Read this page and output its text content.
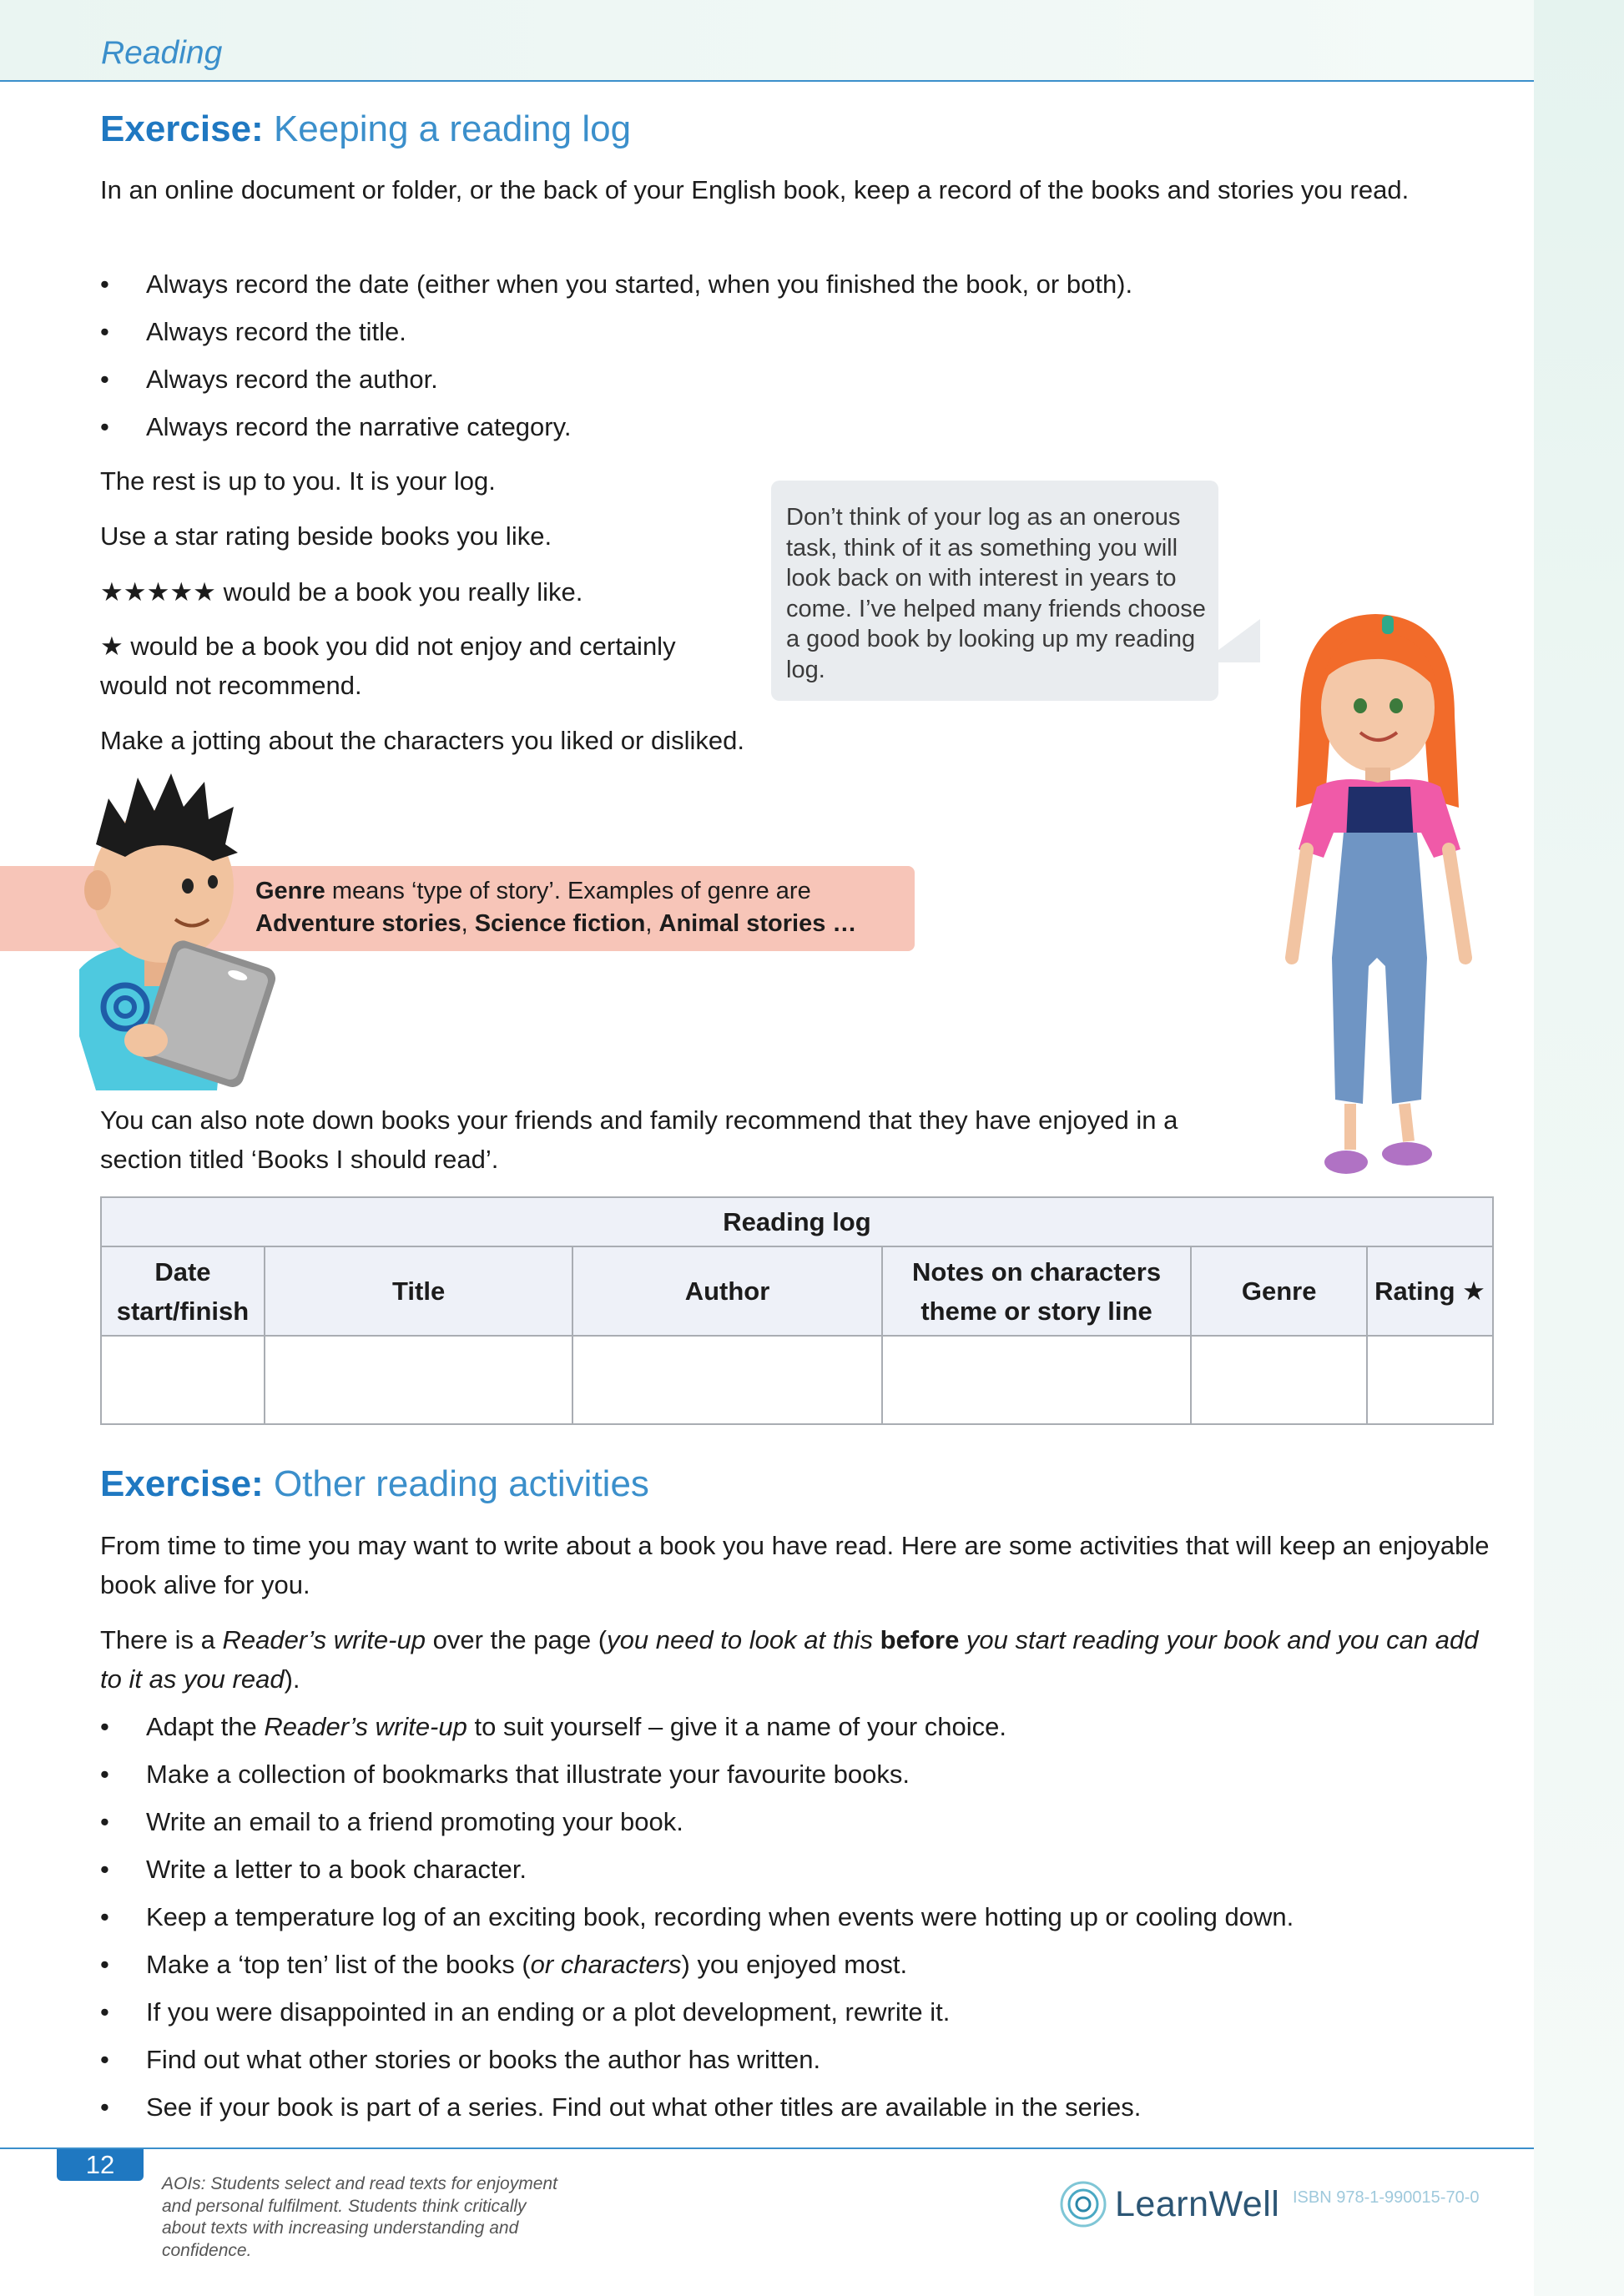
Reading
Exercise: Keeping a reading log
In an online document or folder, or the back of your English book, keep a record of the books and stories you read.
• Always record the date (either when you started, when you finished the book, or both).
• Always record the title.
• Always record the author.
• Always record the narrative category.
The rest is up to you. It is your log.
Use a star rating beside books you like.
★★★★★ would be a book you really like.
★ would be a book you did not enjoy and certainly would not recommend.
Make a jotting about the characters you liked or disliked.
Don’t think of your log as an onerous task, think of it as something you will look back on with interest in years to come. I’ve helped many friends choose a good book by looking up my reading log.
Genre means ‘type of story’. Examples of genre are
Adventure stories, Science fiction, Animal stories …
You can also note down books your friends and family recommend that they have enjoyed in a section titled ‘Books I should read’.
Reading log					
Date start/finish	Title	Author	Notes on characters theme or story line	Genre	Rating ★

Exercise: Other reading activities
From time to time you may want to write about a book you have read. Here are some activities that will keep an enjoyable book alive for you.
There is a Reader’s write-up over the page (you need to look at this before you start reading your book and you can add to it as you read).
• Adapt the Reader’s write-up to suit yourself – give it a name of your choice.
• Make a collection of bookmarks that illustrate your favourite books.
• Write an email to a friend promoting your book.
• Write a letter to a book character.
• Keep a temperature log of an exciting book, recording when events were hotting up or cooling down.
• Make a ‘top ten’ list of the books (or characters) you enjoyed most.
• If you were disappointed in an ending or a plot development, rewrite it.
• Find out what other stories or books the author has written.
• See if your book is part of a series. Find out what other titles are available in the series.
12
AOIs: Students select and read texts for enjoyment and personal fulfilment. Students think critically about texts with increasing understanding and confidence.
LearnWell ISBN 978-1-990015-70-0
